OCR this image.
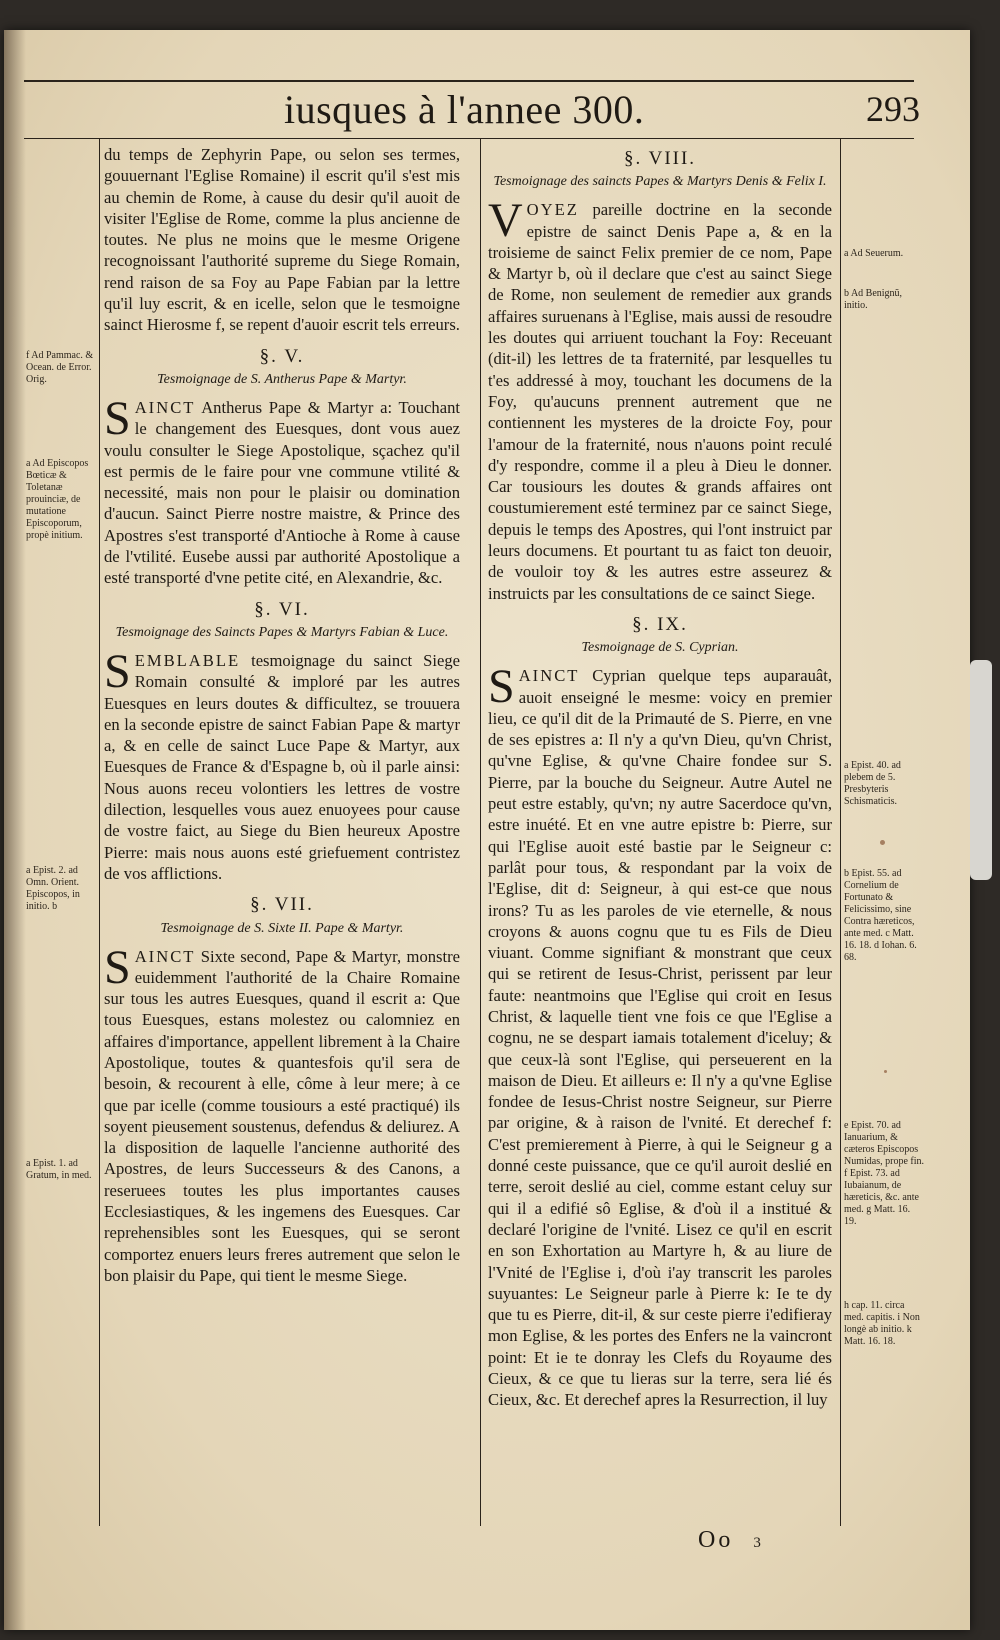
iusques à l'annee 300.	293
f Ad Pammac. & Ocean. de Error. Orig.
a Ad Episcopos Bœticæ & Toletanæ prouinciæ, de mutatione Episcoporum, propè initium.
a Epist. 2. ad Omn. Orient. Episcopos, in initio. b
a Epist. 1. ad Gratum, in med.

du temps de Zephyrin Pape, ou selon ses termes, gouuernant l'Eglise Romaine) il escrit qu'il s'est mis au chemin de Rome, à cause du desir qu'il auoit de visiter l'Eglise de Rome, comme la plus ancienne de toutes. Ne plus ne moins que le mesme Origene recognoissant l'authorité supreme du Siege Romain, rend raison de sa Foy au Pape Fabian par la lettre qu'il luy escrit, & en icelle, selon que le tesmoigne sainct Hierosme f, se repent d'auoir escrit tels erreurs.

§. V.
Tesmoignage de S. Antherus Pape & Martyr.

SAINCT Antherus Pape & Martyr a: Touchant le changement des Euesques, dont vous auez voulu consulter le Siege Apostolique, sçachez qu'il est permis de le faire pour vne commune vtilité & necessité, mais non pour le plaisir ou domination d'aucun. Sainct Pierre nostre maistre, & Prince des Apostres s'est transporté d'Antioche à Rome à cause de l'vtilité. Eusebe aussi par authorité Apostolique a esté transporté d'vne petite cité, en Alexandrie, &c.

§. VI.
Tesmoignage des Saincts Papes & Martyrs Fabian & Luce.

SEMBLABLE tesmoignage du sainct Siege Romain consulté & imploré par les autres Euesques en leurs doutes & difficultez, se trouuera en la seconde epistre de sainct Fabian Pape & martyr a, & en celle de sainct Luce Pape & Martyr, aux Euesques de France & d'Espagne b, où il parle ainsi: Nous auons receu volontiers les lettres de vostre dilection, lesquelles vous auez enuoyees pour cause de vostre faict, au Siege du Bien heureux Apostre Pierre: mais nous auons esté griefuement contristez de vos afflictions.

§. VII.
Tesmoignage de S. Sixte II. Pape & Martyr.

SAINCT Sixte second, Pape & Martyr, monstre euidemment l'authorité de la Chaire Romaine sur tous les autres Euesques, quand il escrit a: Que tous Euesques, estans molestez ou calomniez en affaires d'importance, appellent librement à la Chaire Apostolique, toutes & quantesfois qu'il sera de besoin, & recourent à elle, côme à leur mere; à ce que par icelle (comme tousiours a esté practiqué) ils soyent pieusement soustenus, defendus & deliurez. A la disposition de laquelle l'ancienne authorité des Apostres, de leurs Successeurs & des Canons, a reseruees toutes les plus importantes causes Ecclesiastiques, & les ingemens des Euesques. Car reprehensibles sont les Euesques, qui se seront comportez enuers leurs freres autrement que selon le bon plaisir du Pape, qui tient le mesme Siege.

§. VIII.
Tesmoignage des saincts Papes & Martyrs Denis & Felix I.

VOYEZ pareille doctrine en la seconde epistre de sainct Denis Pape a, & en la troisieme de sainct Felix premier de ce nom, Pape & Martyr b, où il declare que c'est au sainct Siege de Rome, non seulement de remedier aux grands affaires suruenans à l'Eglise, mais aussi de resoudre les doutes qui arriuent touchant la Foy: Receuant (dit-il) les lettres de ta fraternité, par lesquelles tu t'es addressé à moy, touchant les documens de la Foy, qu'aucuns prennent autrement que ne contiennent les mysteres de la droicte Foy, pour l'amour de la fraternité, nous n'auons point reculé d'y respondre, comme il a pleu à Dieu le donner. Car tousiours les doutes & grands affaires ont coustumierement esté terminez par ce sainct Siege, depuis le temps des Apostres, qui l'ont instruict par leurs documens. Et pourtant tu as faict ton deuoir, de vouloir toy & les autres estre asseurez & instruicts par les consultations de ce sainct Siege.

§. IX.
Tesmoignage de S. Cyprian.

SAINCT Cyprian quelque teps auparauât, auoit enseigné le mesme: voicy en premier lieu, ce qu'il dit de la Primauté de S. Pierre, en vne de ses epistres a: Il n'y a qu'vn Dieu, qu'vn Christ, qu'vne Eglise, & qu'vne Chaire fondee sur S. Pierre, par la bouche du Seigneur. Autre Autel ne peut estre estably, qu'vn; ny autre Sacerdoce qu'vn, estre inuété. Et en vne autre epistre b: Pierre, sur qui l'Eglise auoit esté bastie par le Seigneur c: parlât pour tous, & respondant par la voix de l'Eglise, dit d: Seigneur, à qui est-ce que nous irons? Tu as les paroles de vie eternelle, & nous croyons & auons cognu que tu es Fils de Dieu viuant. Comme signifiant & monstrant que ceux qui se retirent de Iesus-Christ, perissent par leur faute: neantmoins que l'Eglise qui croit en Iesus Christ, & laquelle tient vne fois ce que l'Eglise a cognu, ne se despart iamais totalement d'iceluy; & que ceux-là sont l'Eglise, qui perseuerent en la maison de Dieu. Et ailleurs e: Il n'y a qu'vne Eglise fondee de Iesus-Christ nostre Seigneur, sur Pierre par origine, & à raison de l'vnité. Et derechef f: C'est premierement à Pierre, à qui le Seigneur g a donné ceste puissance, que ce qu'il auroit deslié en terre, seroit deslié au ciel, comme estant celuy sur qui il a edifié sô Eglise, & d'où il a institué & declaré l'origine de l'vnité. Lisez ce qu'il en escrit en son Exhortation au Martyre h, & au liure de l'Vnité de l'Eglise i, d'où i'ay transcrit les paroles suyuantes: Le Seigneur parle à Pierre k: Ie te dy que tu es Pierre, dit-il, & sur ceste pierre i'edifieray mon Eglise, & les portes des Enfers ne la vaincront point: Et ie te donray les Clefs du Royaume des Cieux, & ce que tu lieras sur la terre, sera lié és Cieux, &c. Et derechef apres la Resurrection, il luy

a Ad Seuerum.
b Ad Benignũ, initio.
a Epist. 40. ad plebem de 5. Presbyteris Schismaticis.
b Epist. 55. ad Cornelium de Fortunato & Felicissimo, sine Contra hæreticos, ante med. c Matt. 16. 18. d Iohan. 6. 68.
e Epist. 70. ad Ianuarium, & cæteros Episcopos Numidas, prope fin. f Epist. 73. ad Iubaianum, de hæreticis, &c. ante med. g Matt. 16. 19.
h cap. 11. circa med. capitis. i Non longè ab initio. k Matt. 16. 18.
Oo 3
